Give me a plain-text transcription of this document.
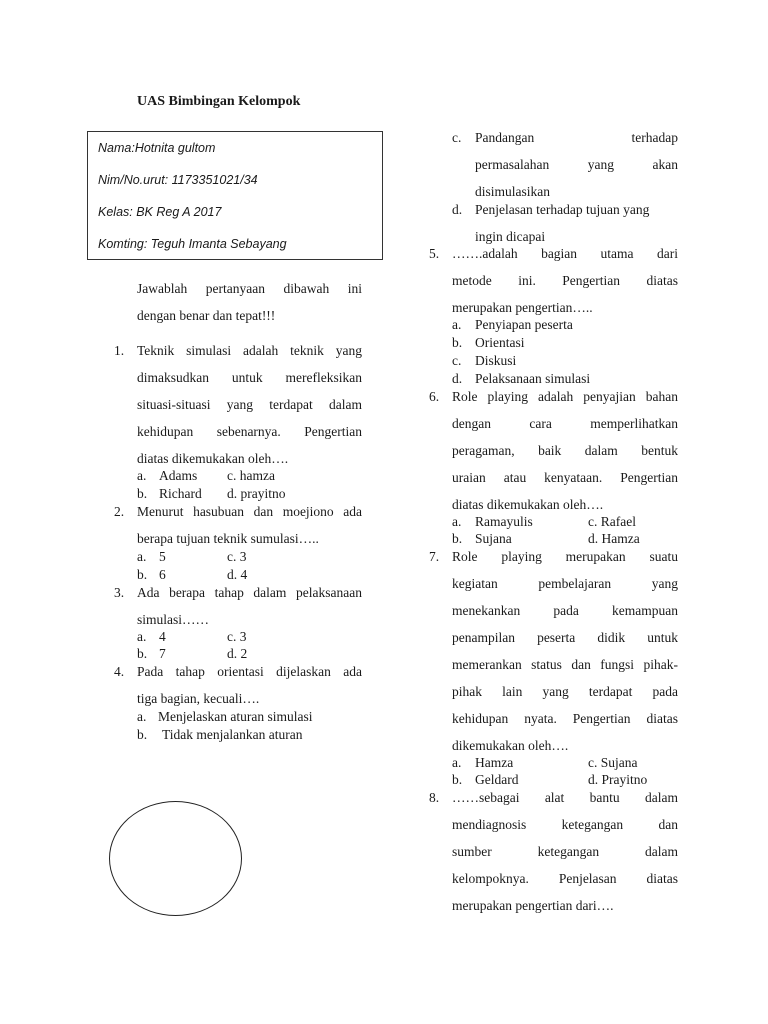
UAS Bimbingan Kelompok
Nama:Hotnita gultom
Nim/No.urut: 1173351021/34
Kelas: BK Reg A 2017
Komting: Teguh Imanta Sebayang
Jawablah pertanyaan dibawah ini
dengan benar dan tepat!!!
1. Teknik simulasi adalah teknik yang
dimaksudkan untuk merefleksikan
situasi-situasi yang terdapat dalam
kehidupan sebenarnya. Pengertian
diatas dikemukakan oleh….
a. Adams c. hamza
b. Richard d. prayitno
2. Menurut hasubuan dan moejiono ada
berapa tujuan teknik sumulasi…..
a. 5	c. 3
b. 6	d. 4
3. Ada berapa tahap dalam pelaksanaan
simulasi……
a. 4	c. 3
b. 7	d. 2
4. Pada tahap orientasi dijelaskan ada
tiga bagian, kecuali….
a. Menjelaskan aturan simulasi
b. Tidak menjalankan aturan
c. Pandangan	terhadap
permasalahan	yang	akan
disimulasikan
d. Penjelasan terhadap tujuan yang
ingin dicapai
5. …….adalah bagian utama dari
metode ini. Pengertian diatas
merupakan pengertian…..
a. Penyiapan peserta
b. Orientasi
c. Diskusi
d. Pelaksanaan simulasi
6. Role playing adalah penyajian bahan
dengan	cara	memperlihatkan
peragaman, baik dalam bentuk
uraian atau kenyataan. Pengertian
diatas dikemukakan oleh….
a. Ramayulis	c. Rafael
b. Sujana	d. Hamza
7. Role playing merupakan suatu
kegiatan	pembelajaran	yang
menekankan pada kemampuan
penampilan peserta didik untuk
memerankan status dan fungsi pihak-
pihak lain yang terdapat pada
kehidupan nyata. Pengertian diatas
dikemukakan oleh….
a. Hamza	c. Sujana
b. Geldard	d. Prayitno
8. ……sebagai alat bantu dalam
mendiagnosis	ketegangan	dan
sumber	ketegangan	dalam
kelompoknya. Penjelasan diatas
merupakan pengertian dari….
